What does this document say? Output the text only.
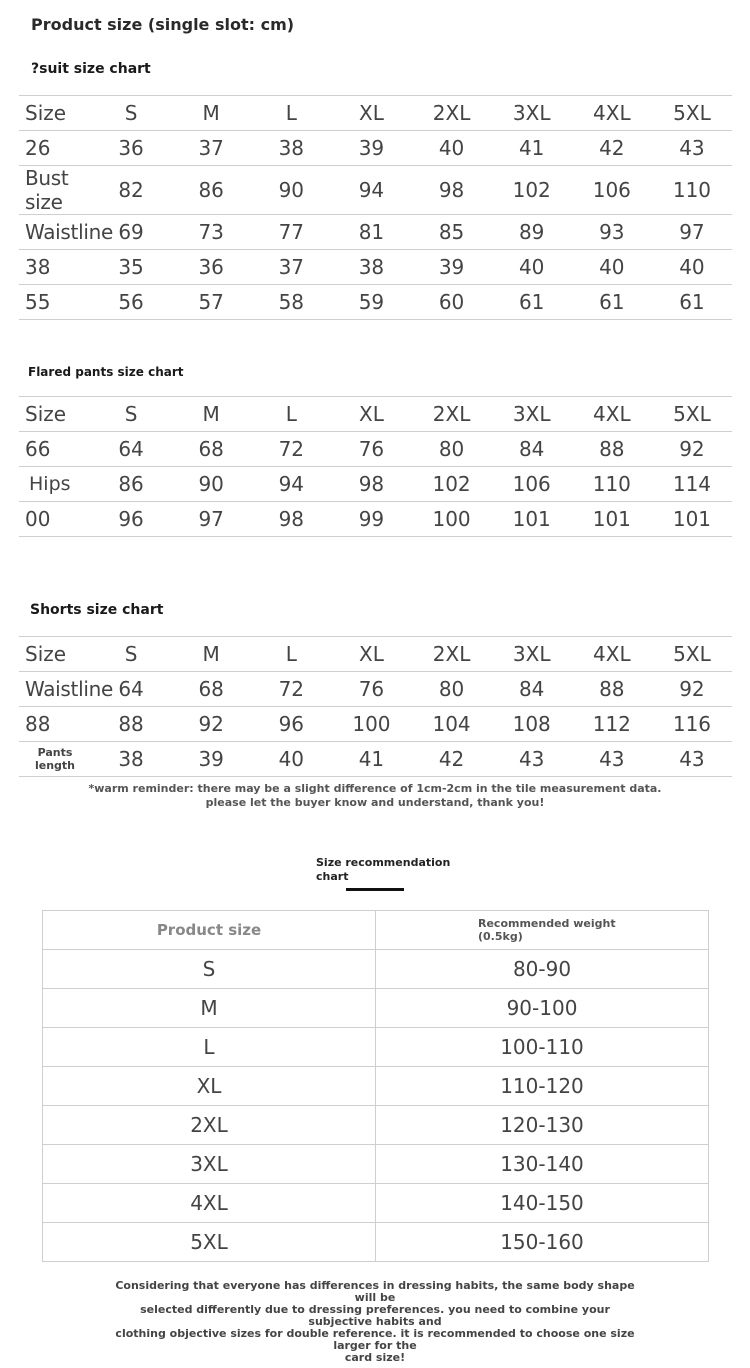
Product size (single slot: cm)
?suit size chart
Size	S	M	L	XL	2XL	3XL	4XL	5XL
26	36	37	38	39	40	41	42	43
Bust size	82	86	90	94	98	102	106	110
Waistline	69	73	77	81	85	89	93	97
38	35	36	37	38	39	40	40	40
55	56	57	58	59	60	61	61	61
Flared pants size chart
Size	S	M	L	XL	2XL	3XL	4XL	5XL
66	64	68	72	76	80	84	88	92
Hips	86	90	94	98	102	106	110	114
00	96	97	98	99	100	101	101	101
Shorts size chart
Size	S	M	L	XL	2XL	3XL	4XL	5XL
Waistline	64	68	72	76	80	84	88	92
88	88	92	96	100	104	108	112	116

Pants
length	38	39	40	41	42	43	43	43
*warm reminder: there may be a slight difference of 1cm-2cm in the tile measurement data.
please let the buyer know and understand, thank you!
Size recommendation
chart
Product size	Recommended weight
(0.5kg)

S	80-90
M	90-100
L	100-110
XL	110-120
2XL	120-130
3XL	130-140
4XL	140-150
5XL	150-160
Considering that everyone has differences in dressing habits, the same body shape will be
selected differently due to dressing preferences. you need to combine your subjective habits and
clothing objective sizes for double reference. it is recommended to choose one size larger for the
card size!
